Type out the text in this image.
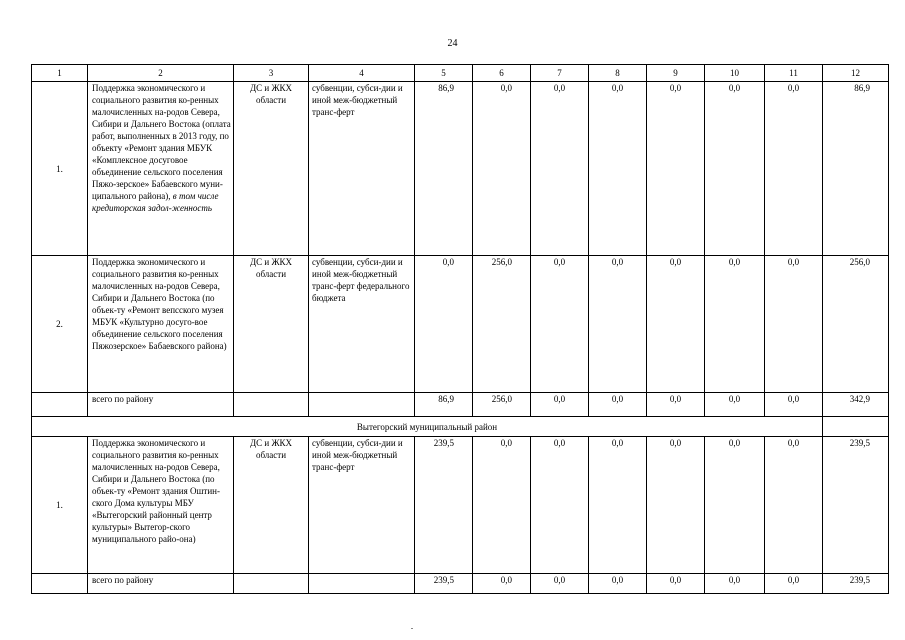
24
1	2	3	4	5	6	7	8	9	10	11	12
1.	Поддержка экономического и социального развития ко-ренных малочисленных на-родов Севера, Сибири и Дальнего Востока (оплата работ, выполненных в 2013 году, по объекту «Ремонт здания МБУК «Комплексное досуговое объединение сельского поселения Пяжо-зерское» Бабаевского муни-ципального района), в том числе кредиторская задол-женность	ДС и ЖКХ области	субвенции, субси-дии и иной меж-бюджетный транс-ферт	86,9	0,0	0,0	0,0	0,0	0,0	0,0	86,9
2.	Поддержка экономического и социального развития ко-ренных малочисленных на-родов Севера, Сибири и Дальнего Востока (по объек-ту «Ремонт вепсского музея МБУК «Культурно досуго-вое объединение сельского поселения Пяжозерское» Бабаевского района)	ДС и ЖКХ области	субвенции, субси-дии и иной меж-бюджетный транс-ферт федерального бюджета	0,0	256,0	0,0	0,0	0,0	0,0	0,0	256,0
	всего по району			86,9	256,0	0,0	0,0	0,0	0,0	0,0	342,9
Вытегорский муниципальный район											
1.	Поддержка экономического и социального развития ко-ренных малочисленных на-родов Севера, Сибири и Дальнего Востока (по объек-ту «Ремонт здания Оштин-ского Дома культуры МБУ «Вытегорский районный центр культуры» Вытегор-ского муниципального райо-она)	ДС и ЖКХ области	субвенции, субси-дии и иной меж-бюджетный транс-ферт	239,5	0,0	0,0	0,0	0,0	0,0	0,0	239,5
	всего по району			239,5	0,0	0,0	0,0	0,0	0,0	0,0	239,5
